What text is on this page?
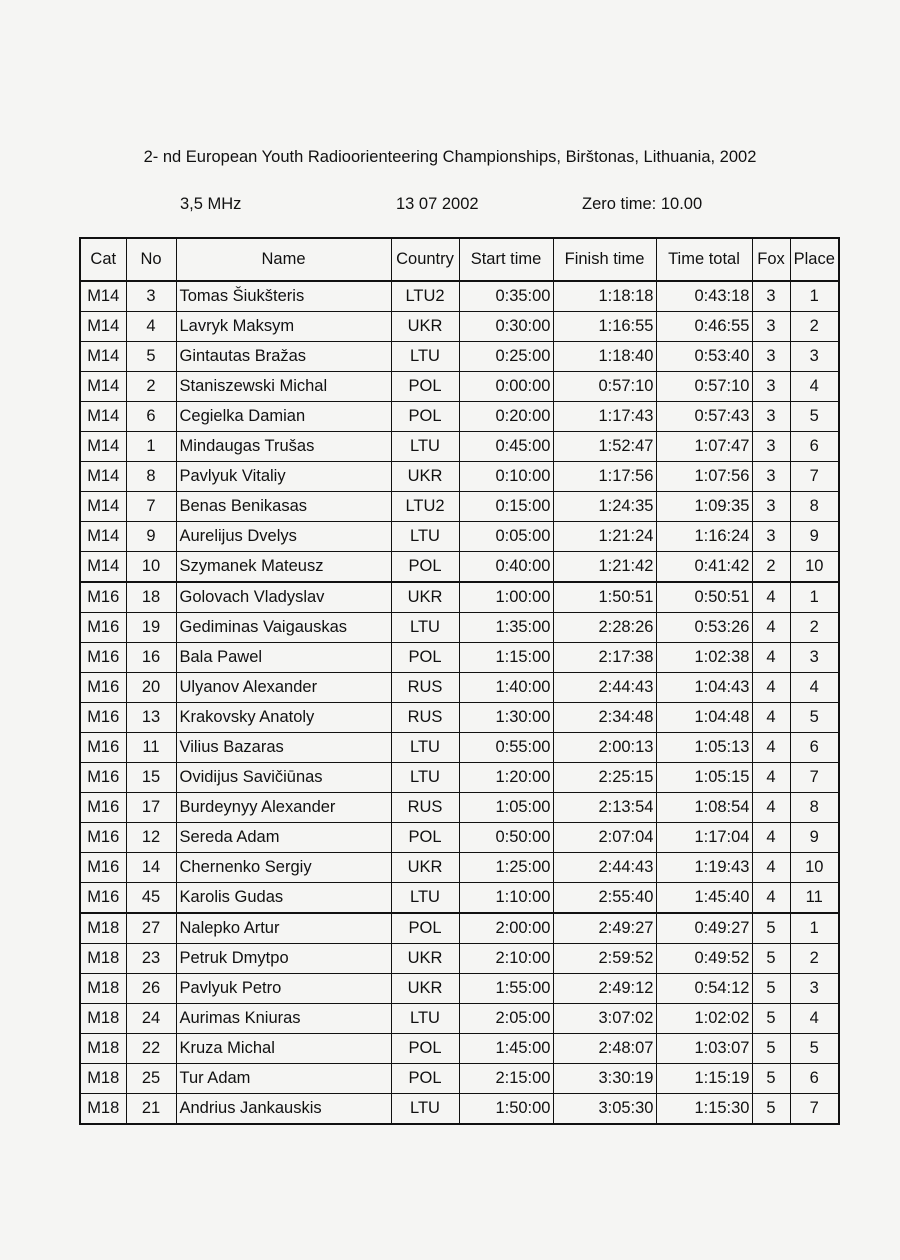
2- nd European Youth Radioorienteering Championships, Birštonas, Lithuania, 2002
3,5 MHz	13 07 2002	Zero time: 10.00
Cat	No	Name	Country	Start time	Finish time	Time total	Fox	Place
M14	3	Tomas Šiukšteris	LTU2	0:35:00	1:18:18	0:43:18	3	1
M14	4	Lavryk Maksym	UKR	0:30:00	1:16:55	0:46:55	3	2
M14	5	Gintautas Bražas	LTU	0:25:00	1:18:40	0:53:40	3	3
M14	2	Staniszewski Michal	POL	0:00:00	0:57:10	0:57:10	3	4
M14	6	Cegielka Damian	POL	0:20:00	1:17:43	0:57:43	3	5
M14	1	Mindaugas Trušas	LTU	0:45:00	1:52:47	1:07:47	3	6
M14	8	Pavlyuk Vitaliy	UKR	0:10:00	1:17:56	1:07:56	3	7
M14	7	Benas Benikasas	LTU2	0:15:00	1:24:35	1:09:35	3	8
M14	9	Aurelijus Dvelys	LTU	0:05:00	1:21:24	1:16:24	3	9
M14	10	Szymanek Mateusz	POL	0:40:00	1:21:42	0:41:42	2	10
M16	18	Golovach Vladyslav	UKR	1:00:00	1:50:51	0:50:51	4	1
M16	19	Gediminas Vaigauskas	LTU	1:35:00	2:28:26	0:53:26	4	2
M16	16	Bala Pawel	POL	1:15:00	2:17:38	1:02:38	4	3
M16	20	Ulyanov Alexander	RUS	1:40:00	2:44:43	1:04:43	4	4
M16	13	Krakovsky Anatoly	RUS	1:30:00	2:34:48	1:04:48	4	5
M16	11	Vilius Bazaras	LTU	0:55:00	2:00:13	1:05:13	4	6
M16	15	Ovidijus Savičiūnas	LTU	1:20:00	2:25:15	1:05:15	4	7
M16	17	Burdeynyy Alexander	RUS	1:05:00	2:13:54	1:08:54	4	8
M16	12	Sereda Adam	POL	0:50:00	2:07:04	1:17:04	4	9
M16	14	Chernenko Sergiy	UKR	1:25:00	2:44:43	1:19:43	4	10
M16	45	Karolis Gudas	LTU	1:10:00	2:55:40	1:45:40	4	11
M18	27	Nalepko Artur	POL	2:00:00	2:49:27	0:49:27	5	1
M18	23	Petruk Dmytpo	UKR	2:10:00	2:59:52	0:49:52	5	2
M18	26	Pavlyuk Petro	UKR	1:55:00	2:49:12	0:54:12	5	3
M18	24	Aurimas Kniuras	LTU	2:05:00	3:07:02	1:02:02	5	4
M18	22	Kruza Michal	POL	1:45:00	2:48:07	1:03:07	5	5
M18	25	Tur Adam	POL	2:15:00	3:30:19	1:15:19	5	6
M18	21	Andrius Jankauskis	LTU	1:50:00	3:05:30	1:15:30	5	7
